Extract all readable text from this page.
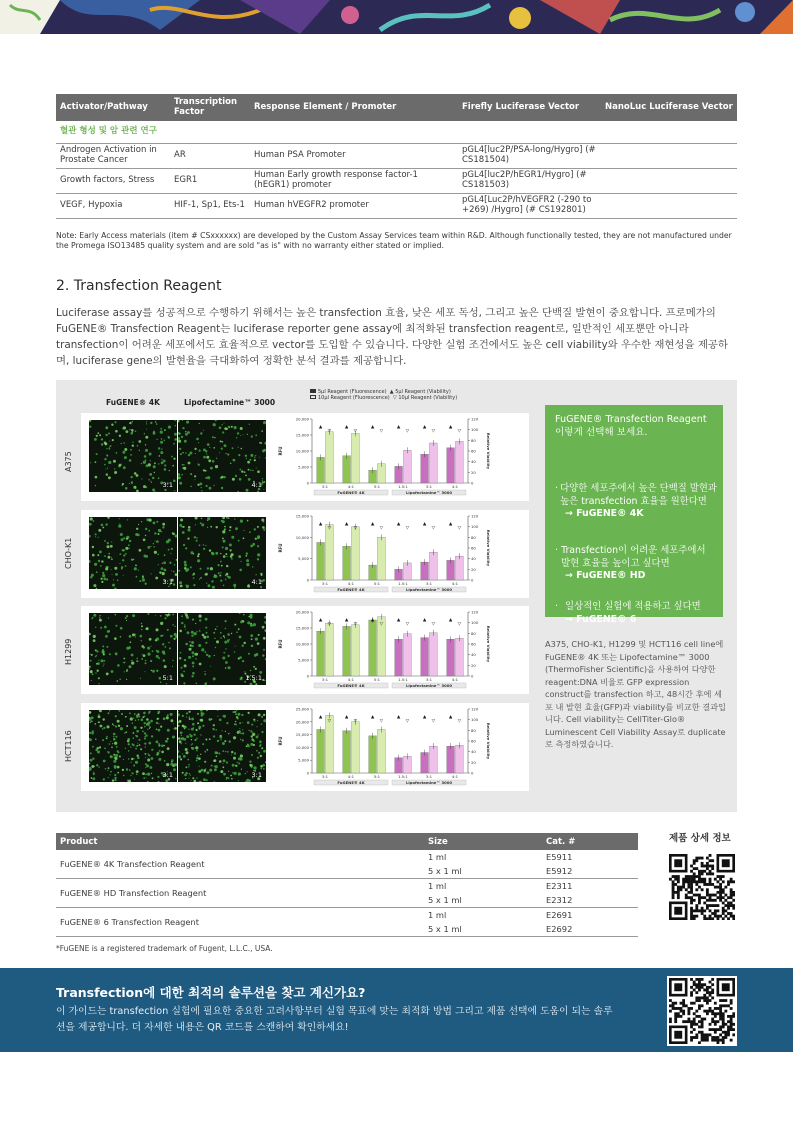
Activator/Pathway	Transcription Factor	Response Element / Promoter	Firefly Luciferase Vector	NanoLuc Luciferase Vector
혈관 형성 및 암 관련 연구				
Androgen Activation in Prostate Cancer	AR	Human PSA Promoter	pGL4[luc2P/PSA-long/Hygro] (# CS181504)	
Growth factors, Stress	EGR1	Human Early growth response factor-1 (hEGR1) promoter	pGL4[luc2P/hEGR1/Hygro] (# CS181503)	
VEGF, Hypoxia	HIF-1, Sp1, Ets-1	Human hVEGFR2 promoter	pGL4[Luc2P/hVEGFR2 (-290 to +269) /Hygro] (# CS192801)	
Note: Early Access materials (item # CSxxxxxx) are developed by the Custom Assay Services team within R&D. Although functionally tested, they are not manufactured under the Promega ISO13485 quality system and are sold "as is" with no warranty either stated or implied.
2. Transfection Reagent
Luciferase assay를 성공적으로 수행하기 위해서는 높은 transfection 효율, 낮은 세포 독성, 그리고 높은 단백질 발현이 중요합니다. 프로메가의 FuGENE® Transfection Reagent는 luciferase reporter gene assay에 최적화된 transfection reagent로, 일반적인 세포뿐만 아니라 transfection이 어려운 세포에서도 효율적으로 vector를 도입할 수 있습니다. 다양한 실험 조건에서도 높은 cell viability와 우수한 재현성을 제공하며, luciferase gene의 발현율을 극대화하여 정확한 분석 결과를 제공합니다.
FuGENE® 4K	Lipofectamine™ 3000
5µl Reagent (Fluorescence) ▲ 5µl Reagent (Viability)
10µl Reagent (Fluorescence) ▽ 10µl Reagent (Viability)
A375
3:1	4:1	0
5,000
10,000
15,000
20,000
0
20
40
60
80
100
120
RFU	Relative Viability
3:1
▲
▽
4:1
▲
▽
5:1
▲
▽
1.5:1
▲
▽
3:1
▲
▽
4:1
▲
▽
FuGENE® 4K	Lipofectamine™ 3000
CHO-K1
3:1	4:1	0
5,000
10,000
15,000
0
20
40
60
80
100
120
RFU	Relative Viability
3:1
▲
▽
4:1
▲
▽
5:1
▲
▽
1.5:1
▲
▽
3:1
▲
▽
4:1
▲
▽
FuGENE® 4K	Lipofectamine™ 3000
H1299
5:1	1.5:1	0
5,000
10,000
15,000
20,000
0
20
40
60
80
100
120
RFU	Relative Viability
3:1
▲
▽
4:1
▲
▽
5:1
▲
▽
1.5:1
▲
▽
3:1
▲
▽
4:1
▲
▽
FuGENE® 4K	Lipofectamine™ 3000
HCT116
3:1	3:1	0
5,000
10,000
15,000
20,000
25,000
0
20
40
60
80
100
120
RFU	Relative Viability
3:1
▲
▽
4:1
▲
▽
5:1
▲
▽
1.5:1
▲
▽
3:1
▲
▽
4:1
▲
▽
FuGENE® 4K	Lipofectamine™ 3000
FuGENE® Transfection Reagent 이렇게 선택해 보세요.
· 다양한 세포주에서 높은 단백질 발현과 높은 transfection 효율을 원한다면
→ FuGENE® 4K
· Transfection이 어려운 세포주에서 발현 효율을 높이고 싶다면
→ FuGENE® HD
· 일상적인 실험에 적용하고 싶다면
→ FuGENE® 6
A375, CHO-K1, H1299 및 HCT116 cell line에 FuGENE® 4K 또는 Lipofectamine™ 3000 (ThermoFisher Scientific)을 사용하여 다양한 reagent:DNA 비율로 GFP expression construct를 transfection 하고, 48시간 후에 세포 내 발현 효율(GFP)과 viability를 비교한 결과입니다. Cell viability는 CellTiter-Glo® Luminescent Cell Viability Assay로 duplicate로 측정하였습니다.
Product	Size	Cat. #
FuGENE® 4K Transfection Reagent	1 ml	E5911
	5 x 1 ml	E5912
FuGENE® HD Transfection Reagent	1 ml	E2311
	5 x 1 ml	E2312
FuGENE® 6 Transfection Reagent	1 ml	E2691
	5 x 1 ml	E2692
제품 상세 정보
*FuGENE is a registered trademark of Fugent, L.L.C., USA.
Transfection에 대한 최적의 솔루션을 찾고 계신가요?
이 가이드는 transfection 실험에 필요한 중요한 고려사항부터 실험 목표에 맞는 최적화 방법 그리고 제품 선택에 도움이 되는 솔루션을 제공합니다. 더 자세한 내용은 QR 코드를 스캔하여 확인하세요!
